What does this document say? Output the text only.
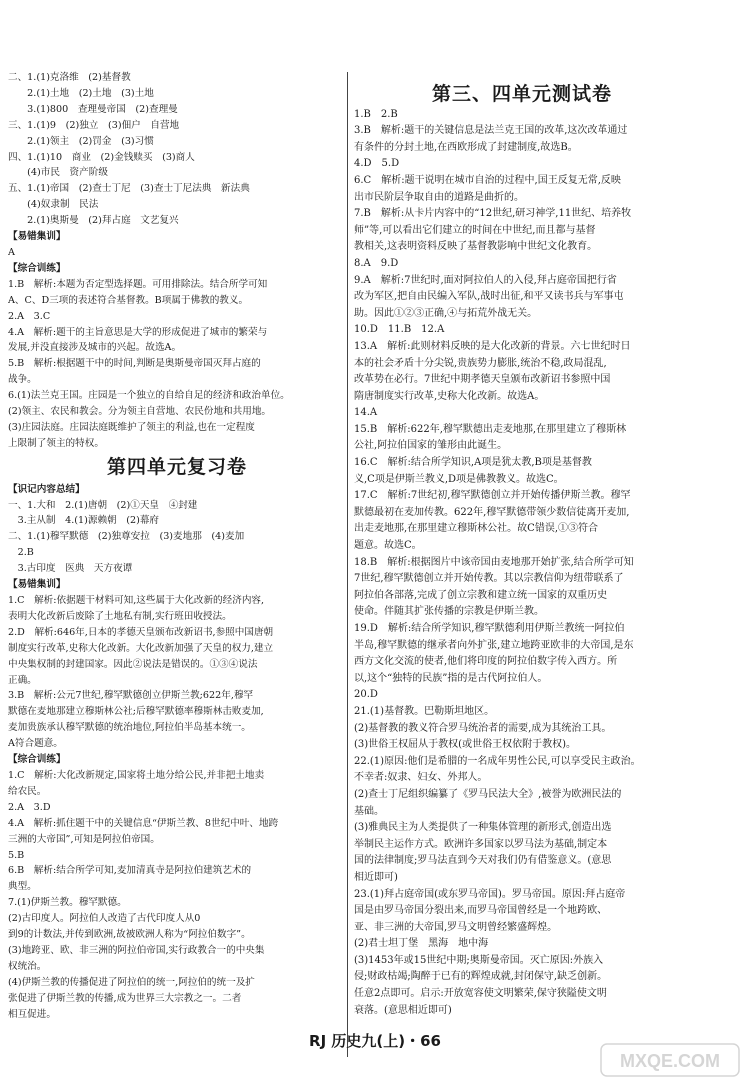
二、1.(1)克洛维　(2)基督教
　　2.(1)土地　(2)土地　(3)土地
　　3.(1)800　查理曼帝国　(2)查理曼
三、1.(1)9　(2)独立　(3)佃户　自营地
　　2.(1)领主　(2)罚金　(3)习惯
四、1.(1)10　商业　(2)金钱赎买　(3)商人
　　(4)市民　资产阶级
五、1.(1)帝国　(2)查士丁尼　(3)查士丁尼法典　新法典
　　(4)奴隶制　民法
　　2.(1)奥斯曼　(2)拜占庭　文艺复兴
【易错集训】
A
【综合训练】
1.B　解析:本题为否定型选择题。可用排除法。结合所学可知
A、C、D三项的表述符合基督教。B项属于佛教的教义。
2.A　3.C
4.A　解析:题干的主旨意思是大学的形成促进了城市的繁荣与
发展,并没直接涉及城市的兴起。故选A。
5.B　解析:根据题干中的时间,判断是奥斯曼帝国灭拜占庭的
战争。
6.(1)法兰克王国。庄园是一个独立的自给自足的经济和政治单位。
(2)领主、农民和教会。分为领主自营地、农民份地和共用地。
(3)庄园法庭。庄园法庭既维护了领主的利益,也在一定程度
上限制了领主的特权。
第四单元复习卷
【识记内容总结】
一、1.大和　2.(1)唐朝　(2)①天皇　④封建
　3.主从制　4.(1)源赖朝　(2)幕府
二、1.(1)穆罕默德　(2)独尊安拉　(3)麦地那　(4)麦加
　2.B
　3.古印度　医典　天方夜谭
【易错集训】
1.C　解析:依据题干材料可知,这些属于大化改新的经济内容,
表明大化改新后废除了土地私有制,实行班田收授法。
2.D　解析:646年,日本的孝德天皇颁布改新诏书,参照中国唐朝
制度实行改革,史称大化改新。大化改新加强了天皇的权力,建立
中央集权制的封建国家。因此②说法是错误的。①③④说法
正确。
3.B　解析:公元7世纪,穆罕默德创立伊斯兰教;622年,穆罕
默德在麦地那建立穆斯林公社;后穆罕默德率穆斯林击败麦加,
麦加贵族承认穆罕默德的统治地位,阿拉伯半岛基本统一。
A符合题意。
【综合训练】
1.C　解析:大化改新规定,国家将土地分给公民,并非把土地卖
给农民。
2.A　3.D
4.A　解析:抓住题干中的关键信息“伊斯兰教、8世纪中叶、地跨
三洲的大帝国”,可知是阿拉伯帝国。
5.B
6.B　解析:结合所学可知,麦加清真寺是阿拉伯建筑艺术的
典型。
7.(1)伊斯兰教。穆罕默德。
(2)古印度人。阿拉伯人改造了古代印度人从0
到9的计数法,并传到欧洲,故被欧洲人称为“阿拉伯数字”。
(3)地跨亚、欧、非三洲的阿拉伯帝国,实行政教合一的中央集
权统治。
(4)伊斯兰教的传播促进了阿拉伯的统一,阿拉伯的统一及扩
张促进了伊斯兰教的传播,成为世界三大宗教之一。二者
相互促进。
第三、四单元测试卷
1.B　2.B
3.B　解析:题干的关键信息是法兰克王国的改革,这次改革通过
有条件的分封土地,在西欧形成了封建制度,故选B。
4.D　5.D
6.C　解析:题干说明在城市自治的过程中,国王反复无常,反映
出市民阶层争取自由的道路是曲折的。
7.B　解析:从卡片内容中的“12世纪,研习神学,11世纪、培养牧
师”等,可以看出它们建立的时间在中世纪,而且都与基督
教相关,这表明资料反映了基督教影响中世纪文化教育。
8.A　9.D
9.A　解析:7世纪时,面对阿拉伯人的入侵,拜占庭帝国把行省
改为军区,把自由民编入军队,战时出征,和平又读书兵与军事屯
助。因此①②③正确,④与拓荒外战无关。
10.D　11.B　12.A
13.A　解析:此则材料反映的是大化改新的背景。六七世纪时日
本的社会矛盾十分尖锐,贵族势力膨胀,统治不稳,政局混乱,
改革势在必行。7世纪中期孝德天皇颁布改新诏书参照中国
隋唐制度实行改革,史称大化改新。故选A。
14.A
15.B　解析:622年,穆罕默德出走麦地那,在那里建立了穆斯林
公社,阿拉伯国家的雏形由此诞生。
16.C　解析:结合所学知识,A项是犹太教,B项是基督教
义,C项是伊斯兰教义,D项是佛教教义。故选C。
17.C　解析:7世纪初,穆罕默德创立并开始传播伊斯兰教。穆罕
默德最初在麦加传教。622年,穆罕默德带领少数信徒离开麦加,
出走麦地那,在那里建立穆斯林公社。故C错误,①③符合
题意。故选C。
18.B　解析:根据图片中该帝国由麦地那开始扩张,结合所学可知
7世纪,穆罕默德创立并开始传教。其以宗教信仰为纽带联系了
阿拉伯各部落,完成了创立宗教和建立统一国家的双重历史
使命。伴随其扩张传播的宗教是伊斯兰教。
19.D　解析:结合所学知识,穆罕默德利用伊斯兰教统一阿拉伯
半岛,穆罕默德的继承者向外扩张,建立地跨亚欧非的大帝国,是东
西方文化交流的使者,他们将印度的阿拉伯数字传入西方。所
以,这个“独特的民族”指的是古代阿拉伯人。
20.D
21.(1)基督教。巴勒斯坦地区。
(2)基督教的教义符合罗马统治者的需要,成为其统治工具。
(3)世俗王权屈从于教权(或世俗王权依附于教权)。
22.(1)原因:他们是希腊的一名成年男性公民,可以享受民主政治。
不幸者:奴隶、妇女、外邦人。
(2)查士丁尼组织编纂了《罗马民法大全》,被誉为欧洲民法的
基础。
(3)雅典民主为人类提供了一种集体管理的新形式,创造出选
举制民主运作方式。欧洲许多国家以罗马法为基础,制定本
国的法律制度;罗马法直到今天对我们仍有借鉴意义。(意思
相近即可)
23.(1)拜占庭帝国(或东罗马帝国)。罗马帝国。原因:拜占庭帝
国是由罗马帝国分裂出来,而罗马帝国曾经是一个地跨欧、
亚、非三洲的大帝国,罗马文明曾经繁盛辉煌。
(2)君士坦丁堡　黑海　地中海
(3)1453年或15世纪中期;奥斯曼帝国。灭亡原因:外族入
侵;财政枯竭;陶醉于已有的辉煌成就,封闭保守,缺乏创新。
任意2点即可。启示:开放宽容使文明繁荣,保守狭隘使文明
衰落。(意思相近即可)
RJ 历史九(上)・66
MXQE.COM
